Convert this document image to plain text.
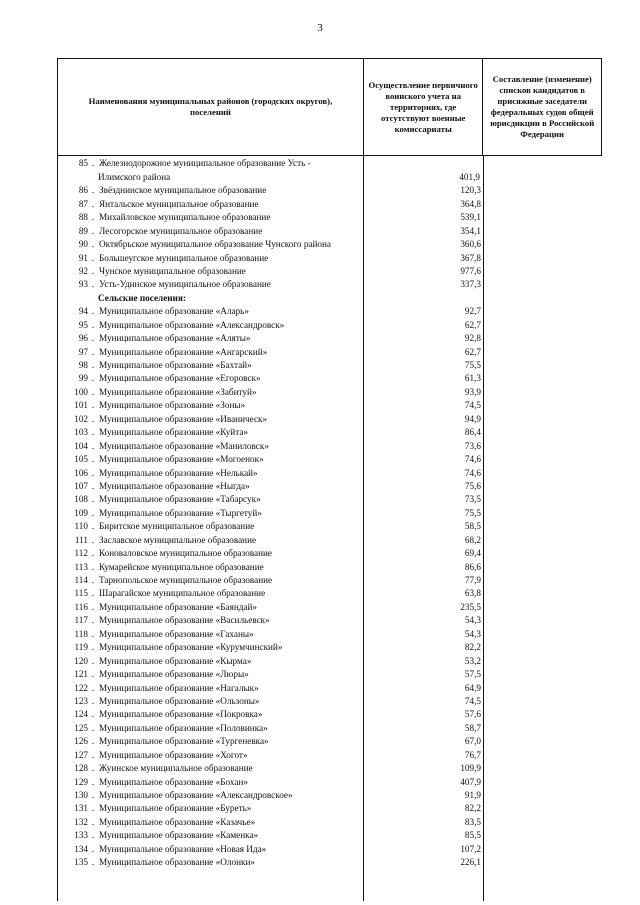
3
Наименования муниципальных районов (городских округов), поселений
Осуществление первичного воинского учета на территориях, где отсутствуют военные комиссариаты
Составление (изменение) списков кандидатов в присяжные заседатели федеральных судов общей юрисдикции в Российской Федерации
85 . Железнодорожное муниципальное образование Усть -
Илимского района	401,9
86 . Звёзднинское муниципальное образование	120,3
87 . Янтальское муниципальное образование	364,8
88 . Михайловское муниципальное образование	539,1
89 . Лесогорское муниципальное образование	354,1
90 . Октябрьское муниципальное образование Чунского района	360,6
91 . Большеугское муниципальное образование	367,8
92 . Чунское муниципальное образование	977,6
93 . Усть-Удинское муниципальное образование	337,3
Сельские поселения:
94 . Муниципальное образование «Аларь»	92,7
95 . Муниципальное образование «Александровск»	62,7
96 . Муниципальное образование «Аляты»	92,8
97 . Муниципальное образование «Ангарский»	62,7
98 . Муниципальное образование «Бахтай»	75,5
99 . Муниципальное образование «Егоровск»	61,3
100 . Муниципальное образование «Забитуй»	93,9
101 . Муниципальное образование «Зоны»	74,5
102 . Муниципальное образование «Иваническ»	94,9
103 . Муниципальное образование «Куйта»	86,4
104 . Муниципальное образование «Маниловск»	73,6
105 . Муниципальное образование «Могоенок»	74,6
106 . Муниципальное образование «Нелькай»	74,6
107 . Муниципальное образование «Ныгда»	75,6
108 . Муниципальное образование «Табарсук»	73,5
109 . Муниципальное образование «Тыргетуй»	75,5
110 . Биритское муниципальное образование	58,5
111 . Заславское муниципальное образование	68,2
112 . Коноваловское муниципальное образование	69,4
113 . Кумарейское муниципальное образование	86,6
114 . Тарнопольское муниципальное образование	77,9
115 . Шарагайское муниципальное образование	63,8
116 . Муниципальное образование «Баяндай»	235,5
117 . Муниципальное образование «Васильевск»	54,3
118 . Муниципальное образование «Гаханы»	54,3
119 . Муниципальное образование «Курумчинский»	82,2
120 . Муниципальное образование «Кырма»	53,2
121 . Муниципальное образование «Люры»	57,5
122 . Муниципальное образование «Нагалык»	64,9
123 . Муниципальное образование «Ользоны»	74,5
124 . Муниципальное образование «Покровка»	57,6
125 . Муниципальное образование «Половинка»	58,7
126 . Муниципальное образование «Тургеневка»	67,0
127 . Муниципальное образование «Хогот»	76,7
128 . Жуинское муниципальное образование	109,9
129 . Муниципальное образование «Бохан»	407,9
130 . Муниципальное образование «Александровское»	91,9
131 . Муниципальное образование «Буреть»	82,2
132 . Муниципальное образование «Казачье»	83,5
133 . Муниципальное образование «Каменка»	85,5
134 . Муниципальное образование «Новая Ида»	107,2
135 . Муниципальное образование «Олонки»	226,1
